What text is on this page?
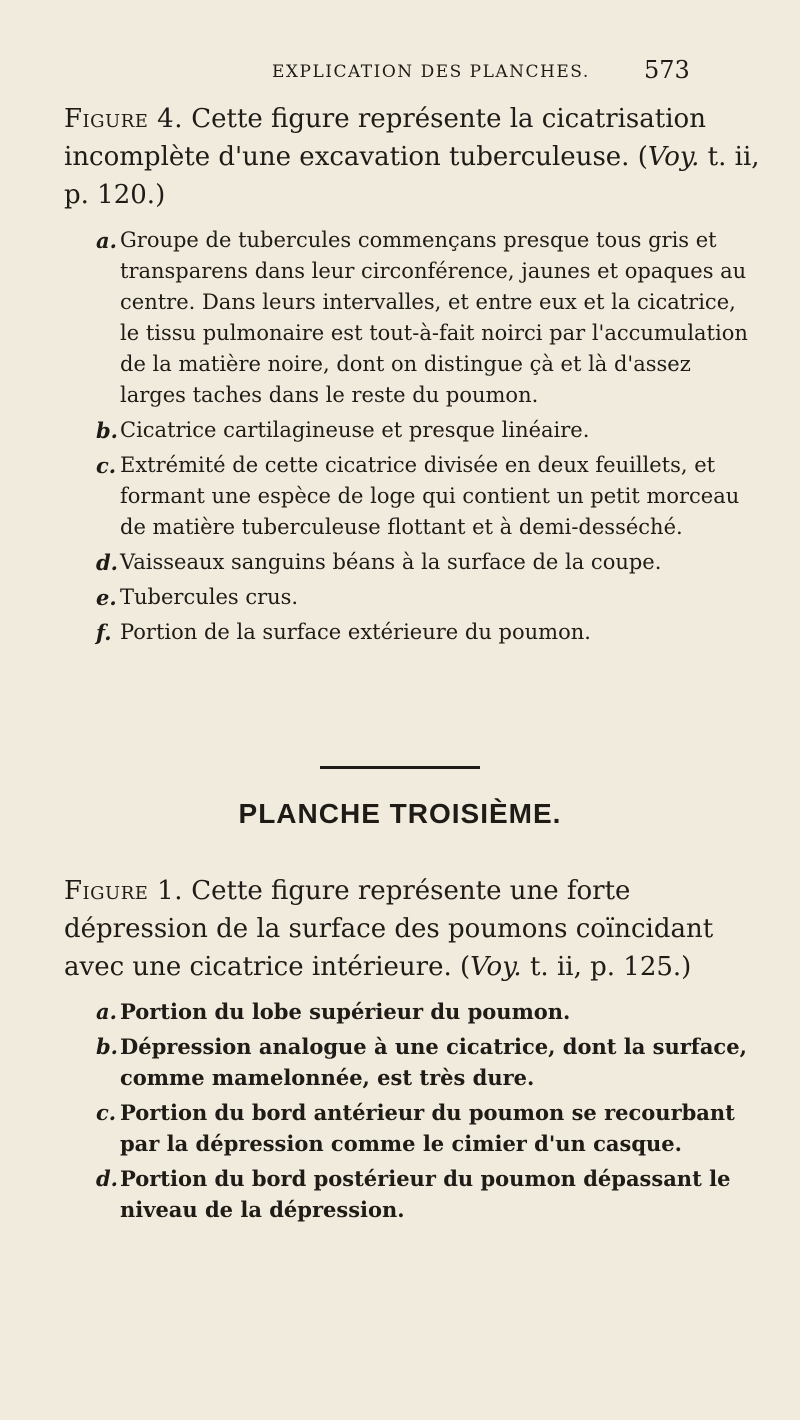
EXPLICATION DES PLANCHES. 573

Figure 4. Cette figure représente la cicatrisation incomplète d'une excavation tuberculeuse. (Voy. t. ii, p. 120.)

a. Groupe de tubercules commençans presque tous gris et transparens dans leur circonférence, jaunes et opaques au centre. Dans leurs intervalles, et entre eux et la cicatrice, le tissu pulmonaire est tout-à-fait noirci par l'accumulation de la matière noire, dont on distingue çà et là d'assez larges taches dans le reste du poumon.
b. Cicatrice cartilagineuse et presque linéaire.
c. Extrémité de cette cicatrice divisée en deux feuillets, et formant une espèce de loge qui contient un petit morceau de matière tuberculeuse flottant et à demi-desséché.
d. Vaisseaux sanguins béans à la surface de la coupe.
e. Tubercules crus.
f. Portion de la surface extérieure du poumon.
PLANCHE TROISIÈME.

Figure 1. Cette figure représente une forte dépression de la surface des poumons coïncidant avec une cicatrice intérieure. (Voy. t. ii, p. 125.)

a. Portion du lobe supérieur du poumon.
b. Dépression analogue à une cicatrice, dont la surface, comme mamelonnée, est très dure.
c. Portion du bord antérieur du poumon se recourbant par la dépression comme le cimier d'un casque.
d. Portion du bord postérieur du poumon dépassant le niveau de la dépression.
